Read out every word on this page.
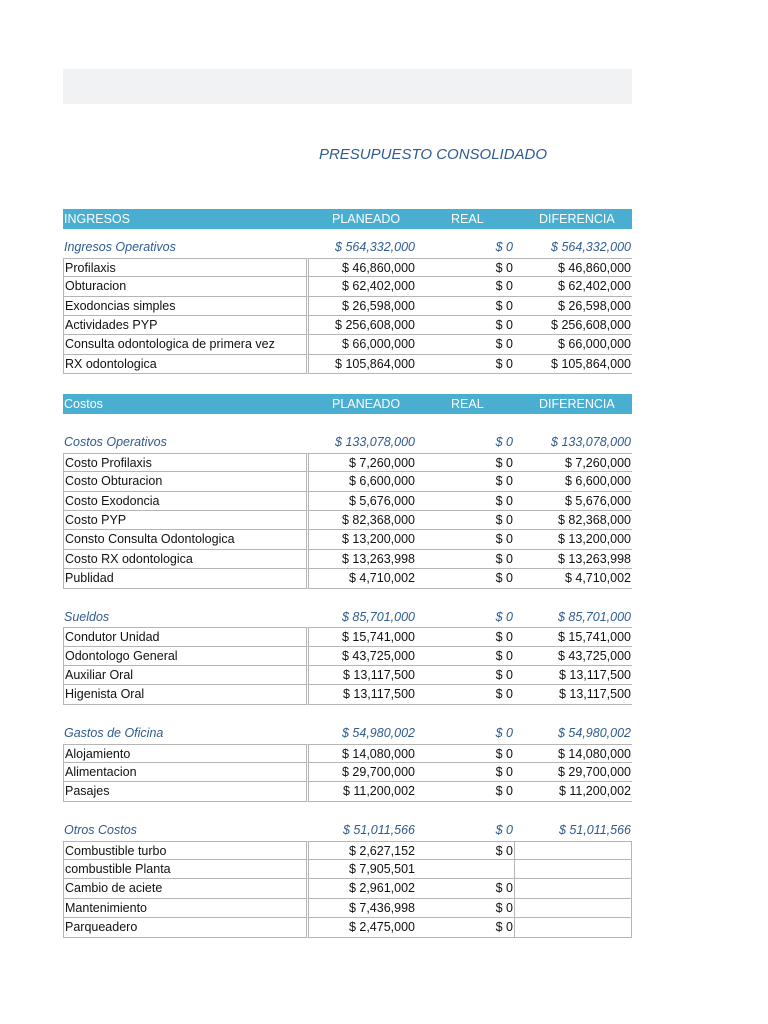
PRESUPUESTO CONSOLIDADO
INGRESOS	PLANEADO	REAL	DIFERENCIA
Ingresos Operativos	$ 564,332,000	$ 0	$ 564,332,000
Profilaxis	$ 46,860,000	$ 0	$ 46,860,000
Obturacion	$ 62,402,000	$ 0	$ 62,402,000
Exodoncias simples	$ 26,598,000	$ 0	$ 26,598,000
Actividades PYP	$ 256,608,000	$ 0	$ 256,608,000
Consulta odontologica de primera vez	$ 66,000,000	$ 0	$ 66,000,000
RX odontologica	$ 105,864,000	$ 0	$ 105,864,000
Costos	PLANEADO	REAL	DIFERENCIA
Costos Operativos	$ 133,078,000	$ 0	$ 133,078,000
Costo Profilaxis	$ 7,260,000	$ 0	$ 7,260,000
Costo Obturacion	$ 6,600,000	$ 0	$ 6,600,000
Costo Exodoncia	$ 5,676,000	$ 0	$ 5,676,000
Costo PYP	$ 82,368,000	$ 0	$ 82,368,000
Consto Consulta Odontologica	$ 13,200,000	$ 0	$ 13,200,000
Costo RX odontologica	$ 13,263,998	$ 0	$ 13,263,998
Publidad	$ 4,710,002	$ 0	$ 4,710,002
Sueldos	$ 85,701,000	$ 0	$ 85,701,000
Condutor Unidad	$ 15,741,000	$ 0	$ 15,741,000
Odontologo General	$ 43,725,000	$ 0	$ 43,725,000
Auxiliar Oral	$ 13,117,500	$ 0	$ 13,117,500
Higenista Oral	$ 13,117,500	$ 0	$ 13,117,500
Gastos de Oficina	$ 54,980,002	$ 0	$ 54,980,002
Alojamiento	$ 14,080,000	$ 0	$ 14,080,000
Alimentacion	$ 29,700,000	$ 0	$ 29,700,000
Pasajes	$ 11,200,002	$ 0	$ 11,200,002
Otros Costos	$ 51,011,566	$ 0	$ 51,011,566
Combustible turbo	$ 2,627,152	$ 0
combustible Planta	$ 7,905,501
Cambio de aciete	$ 2,961,002	$ 0
Mantenimiento	$ 7,436,998	$ 0
Parqueadero	$ 2,475,000	$ 0
